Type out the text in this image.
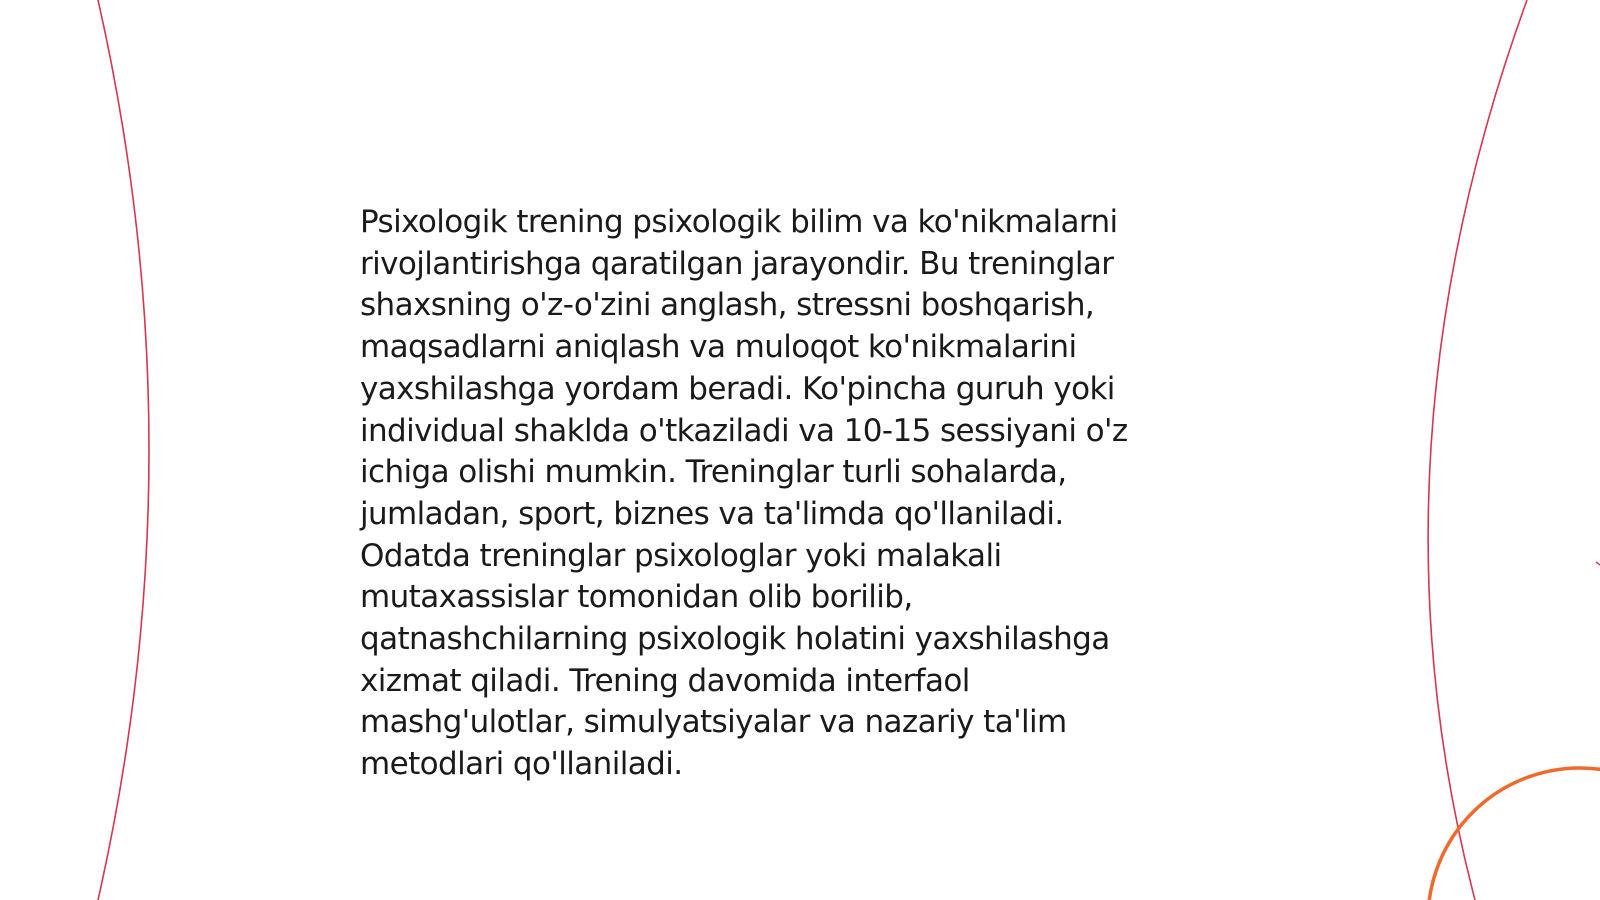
Psixologik trening psixologik bilim va ko'nikmalarni
rivojlantirishga qaratilgan jarayondir. Bu treninglar
shaxsning o'z-o'zini anglash, stressni boshqarish,
maqsadlarni aniqlash va muloqot ko'nikmalarini
yaxshilashga yordam beradi. Ko'pincha guruh yoki
individual shaklda o'tkaziladi va 10-15 sessiyani o'z
ichiga olishi mumkin. Treninglar turli sohalarda,
jumladan, sport, biznes va ta'limda qo'llaniladi.
Odatda treninglar psixologlar yoki malakali
mutaxassislar tomonidan olib borilib,
qatnashchilarning psixologik holatini yaxshilashga
xizmat qiladi. Trening davomida interfaol
mashg'ulotlar, simulyatsiyalar va nazariy ta'lim
metodlari qo'llaniladi.
